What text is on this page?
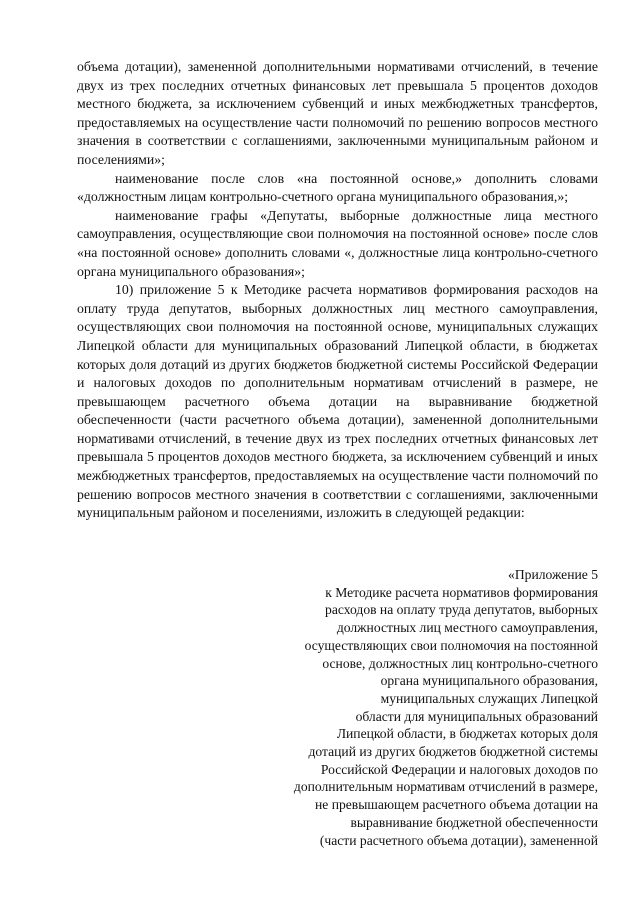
объема дотации), замененной дополнительными нормативами отчислений, в течение двух из трех последних отчетных финансовых лет превышала 5 процентов доходов местного бюджета, за исключением субвенций и иных межбюджетных трансфертов, предоставляемых на осуществление части полномочий по решению вопросов местного значения в соответствии с соглашениями, заключенными муниципальным районом и поселениями»;

наименование после слов «на постоянной основе,» дополнить словами «должностным лицам контрольно-счетного органа муниципального образования,»;

наименование графы «Депутаты, выборные должностные лица местного самоуправления, осуществляющие свои полномочия на постоянной основе» после слов «на постоянной основе» дополнить словами «, должностные лица контрольно-счетного органа муниципального образования»;

10) приложение 5 к Методике расчета нормативов формирования расходов на оплату труда депутатов, выборных должностных лиц местного самоуправления, осуществляющих свои полномочия на постоянной основе, муниципальных служащих Липецкой области для муниципальных образований Липецкой области, в бюджетах которых доля дотаций из других бюджетов бюджетной системы Российской Федерации и налоговых доходов по дополнительным нормативам отчислений в размере, не превышающем расчетного объема дотации на выравнивание бюджетной обеспеченности (части расчетного объема дотации), замененной дополнительными нормативами отчислений, в течение двух из трех последних отчетных финансовых лет превышала 5 процентов доходов местного бюджета, за исключением субвенций и иных межбюджетных трансфертов, предоставляемых на осуществление части полномочий по решению вопросов местного значения в соответствии с соглашениями, заключенными муниципальным районом и поселениями, изложить в следующей редакции:

«Приложение 5
к Методике расчета нормативов формирования
расходов на оплату труда депутатов, выборных
должностных лиц местного самоуправления,
осуществляющих свои полномочия на постоянной
основе, должностных лиц контрольно-счетного
органа муниципального образования,
муниципальных служащих Липецкой
области для муниципальных образований
Липецкой области, в бюджетах которых доля
дотаций из других бюджетов бюджетной системы
Российской Федерации и налоговых доходов по
дополнительным нормативам отчислений в размере,
не превышающем расчетного объема дотации на
выравнивание бюджетной обеспеченности
(части расчетного объема дотации), замененной
